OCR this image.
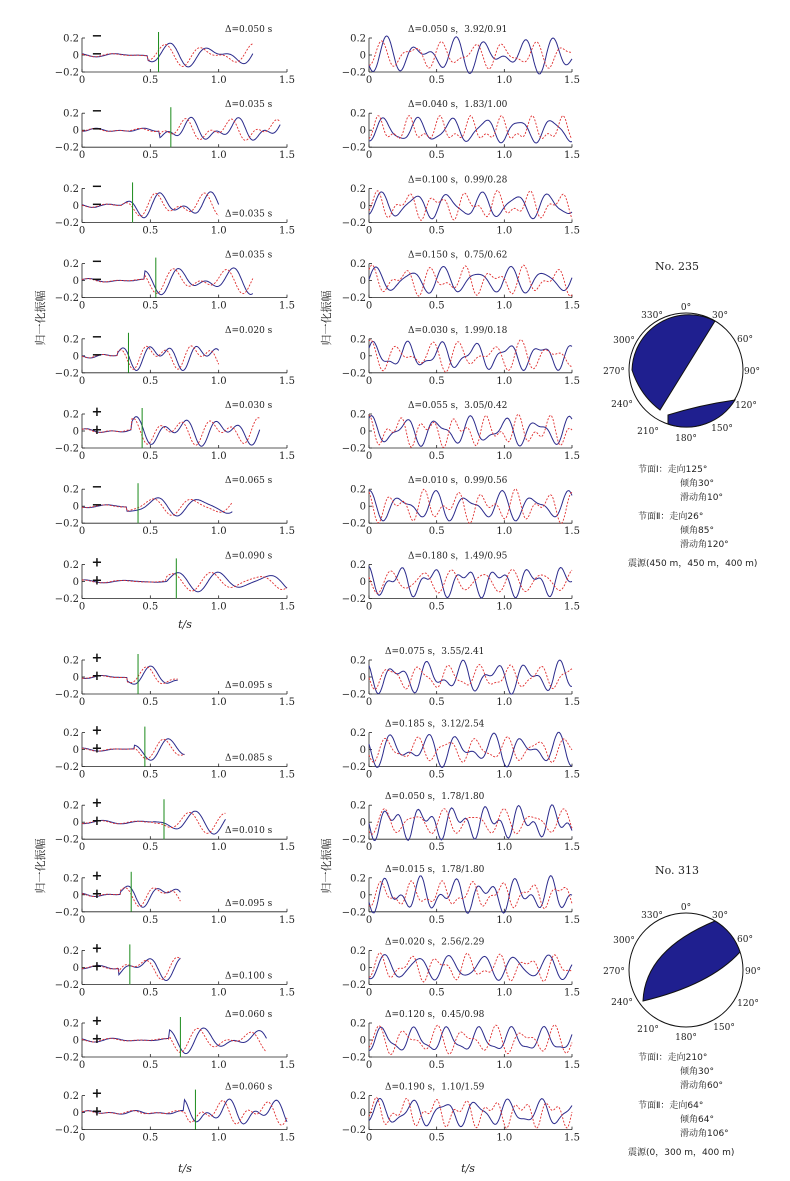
0.2
0
−0.2
0	0.5	1.0	1.5
−
−
Δ=0.050 s
0.2
0
−0.2
0	0.5	1.0	1.5
−
−
Δ=0.035 s
0.2
0
−0.2
0	0.5	1.0	1.5
−
−
Δ=0.035 s
0.2
0
−0.2
0	0.5	1.0	1.5
−
−
Δ=0.035 s
0.2
0
−0.2
0	0.5	1.0	1.5
−
−
Δ=0.020 s
0.2
0
−0.2
0	0.5	1.0	1.5
+
+
Δ=0.030 s
0.2
0
−0.2
0	0.5	1.0	1.5
−
−
Δ=0.065 s
0.2
0
−0.2
0	0.5	1.0	1.5
+
+
Δ=0.090 s
0.2
0
−0.2
0	0.5	1.0	1.5
+
+
Δ=0.095 s
0.2
0
−0.2
0	0.5	1.0	1.5
+
+
Δ=0.085 s
0.2
0
−0.2
0	0.5	1.0	1.5
+
+
Δ=0.010 s
0.2
0
−0.2
0	0.5	1.0	1.5
+
+
Δ=0.095 s
0.2
0
−0.2
0	0.5	1.0	1.5
+
+
Δ=0.100 s
0.2
0
−0.2
0	0.5	1.0	1.5
+
+
Δ=0.060 s
0.2
0
−0.2
0	0.5	1.0	1.5
+
+
Δ=0.060 s
0.2
0
−0.2
0	0.5	1.0	1.5
Δ=0.050 s，3.92/0.91
0.2
0
−0.2
0	0.5	1.0	1.5
Δ=0.040 s，1.83/1.00
0.2
0
−0.2
0	0.5	1.0	1.5
Δ=0.100 s，0.99/0.28
0.2
0
−0.2
0	0.5	1.0	1.5
Δ=0.150 s，0.75/0.62
0.2
0
−0.2
0	0.5	1.0	1.5
Δ=0.030 s，1.99/0.18
0.2
0
−0.2
0	0.5	1.0	1.5
Δ=0.055 s，3.05/0.42
0.2
0
−0.2
0	0.5	1.0	1.5
Δ=0.010 s，0.99/0.56
0.2
0
−0.2
0	0.5	1.0	1.5
Δ=0.180 s，1.49/0.95
0.2
0
−0.2
0	0.5	1.0	1.5
Δ=0.075 s，3.55/2.41
0.2
0
−0.2
0	0.5	1.0	1.5
Δ=0.185 s，3.12/2.54
0.2
0
−0.2
0	0.5	1.0	1.5
Δ=0.050 s，1.78/1.80
0.2
0
−0.2
0	0.5	1.0	1.5
Δ=0.015 s，1.78/1.80
0.2
0
−0.2
0	0.5	1.0	1.5
Δ=0.020 s，2.56/2.29
0.2
0
−0.2
0	0.5	1.0	1.5
Δ=0.120 s，0.45/0.98
0.2
0
−0.2
0	0.5	1.0	1.5
Δ=0.190 s，1.10/1.59
归一化振幅	归一化振幅
归一化振幅	归一化振幅
t/s
t/s	t/s
No. 235
0°
30°
60°
90°
120°
150°
180°
210°
240°
270°
300°
330°
节面Ⅰ：走向125°
倾角30°
滑动角10°
节面Ⅱ：走向26°
倾角85°
滑动角120°
震源(450 m，450 m，400 m)
No. 313
0°
30°
60°
90°
120°
150°
180°
210°
240°
270°
300°
330°
节面Ⅰ：走向210°
倾角30°
滑动角60°
节面Ⅱ：走向64°
倾角64°
滑动角106°
震源(0，300 m，400 m)
